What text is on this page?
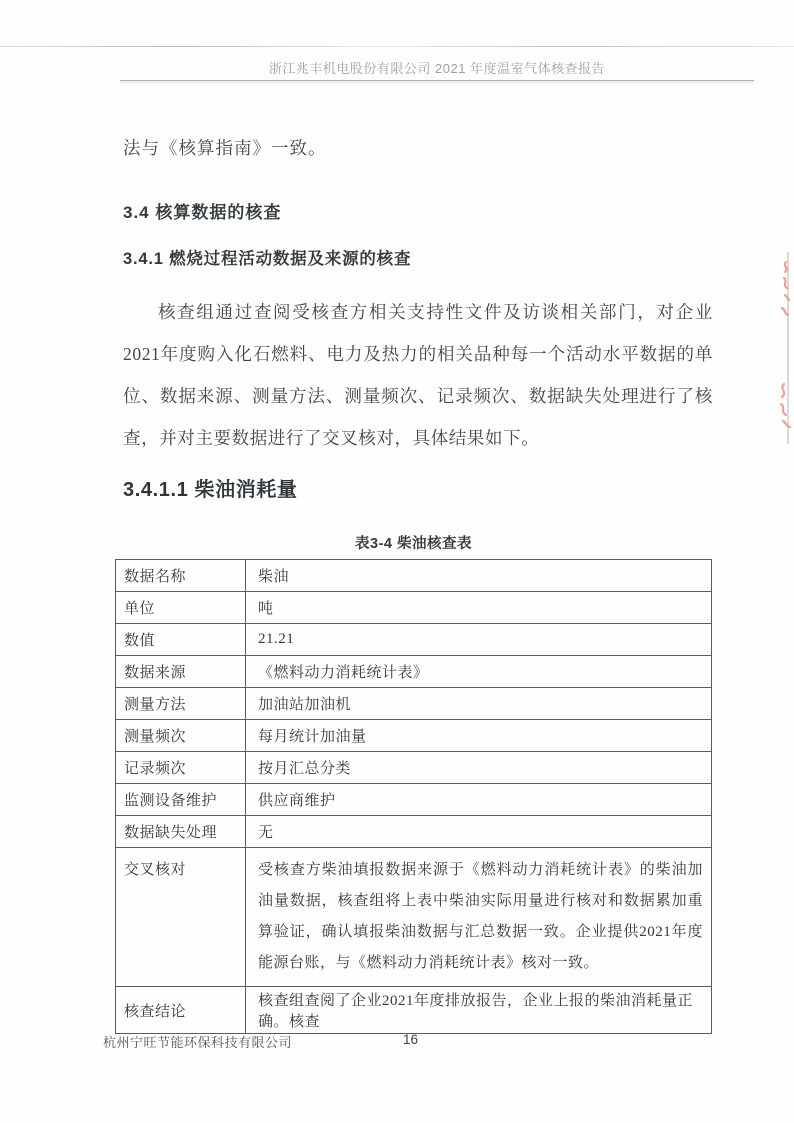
浙江兆丰机电股份有限公司 2021 年度温室气体核查报告

法与《核算指南》一致。

3.4 核算数据的核查
3.4.1 燃烧过程活动数据及来源的核查

核查组通过查阅受核查方相关支持性文件及访谈相关部门，对企业2021年度购入化石燃料、电力及热力的相关品种每一个活动水平数据的单位、数据来源、测量方法、测量频次、记录频次、数据缺失处理进行了核查，并对主要数据进行了交叉核对，具体结果如下。

3.4.1.1 柴油消耗量
表3-4 柴油核查表
数据名称	柴油
单位	吨
数值	21.21
数据来源	《燃料动力消耗统计表》
测量方法	加油站加油机
测量频次	每月统计加油量
记录频次	按月汇总分类
监测设备维护	供应商维护
数据缺失处理	无
交叉核对	受核查方柴油填报数据来源于《燃料动力消耗统计表》的柴油加油量数据，核查组将上表中柴油实际用量进行核对和数据累加重算验证，确认填报柴油数据与汇总数据一致。企业提供2021年度能源台账，与《燃料动力消耗统计表》核对一致。
核查结论	核查组查阅了企业2021年度排放报告，企业上报的柴油消耗量正确。核查
杭州宁旺节能环保科技有限公司	16
